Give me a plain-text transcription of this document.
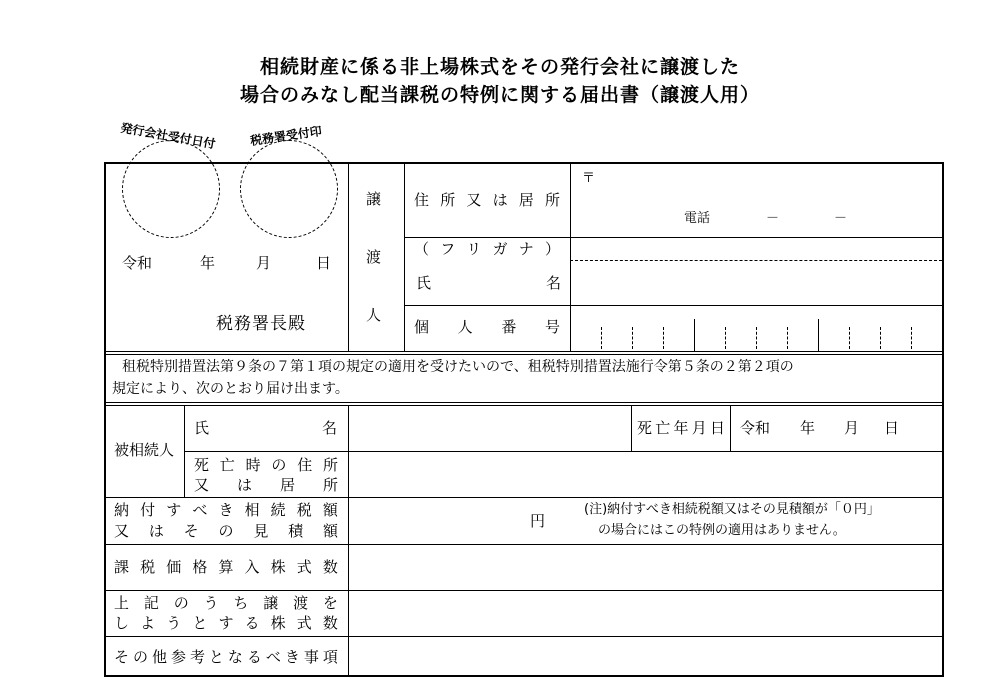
相続財産に係る非上場株式をその発行会社に譲渡した
場合のみなし配当課税の特例に関する届出書（譲渡人用）
発行会社受付日付	税務署受付印
令和	年	月	日
税務署長殿
譲
渡
人
住 所 又 は 居 所
〒
電話	－	－
（ フ リ ガ ナ ）
氏	名
個 人 番 号
租税特別措置法第９条の７第１項の規定の適用を受けたいので、租税特別措置法施行令第５条の２第２項の
規定により、次のとおり届け出ます。
被相続人
氏	名	死 亡 年 月 日 令和 年 月 日
死 亡 時 の 住 所
又 は 居 所
納 付 す べ き 相 続 税 額
又 は そ の 見 積 額
円
(注)納付すべき相続税額又はその見積額が「０円」
の場合にはこの特例の適用はありません。
課 税 価 格 算 入 株 式 数
上 記 の う ち 譲 渡 を
し よ う と す る 株 式 数
そ の 他 参 考 と な る べ き 事 項
